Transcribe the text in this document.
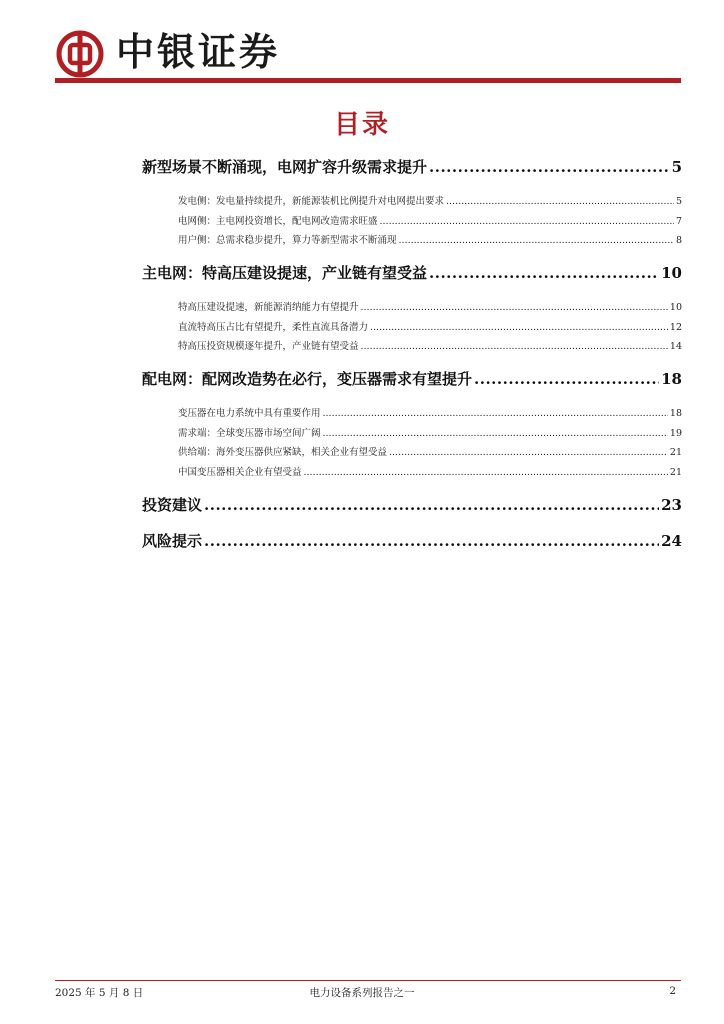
中银证券
目录
新型场景不断涌现，电网扩容升级需求提升 .....	5
发电侧：发电量持续提升，新能源装机比例提升对电网提出要求 .....	5
电网侧：主电网投资增长，配电网改造需求旺盛 .....	7
用户侧：总需求稳步提升，算力等新型需求不断涌现 .....	8
主电网：特高压建设提速，产业链有望受益 .....	10
特高压建设提速，新能源消纳能力有望提升 .....	10
直流特高压占比有望提升，柔性直流具备潜力 .....	12
特高压投资规模逐年提升，产业链有望受益 .....	14
配电网：配网改造势在必行，变压器需求有望提升 .....	18
变压器在电力系统中具有重要作用 .....	18
需求端：全球变压器市场空间广阔 .....	19
供给端：海外变压器供应紧缺，相关企业有望受益 .....	21
中国变压器相关企业有望受益 .....	21
投资建议 .....	23
风险提示 .....	24
2025 年 5 月 8 日	电力设备系列报告之一	2
